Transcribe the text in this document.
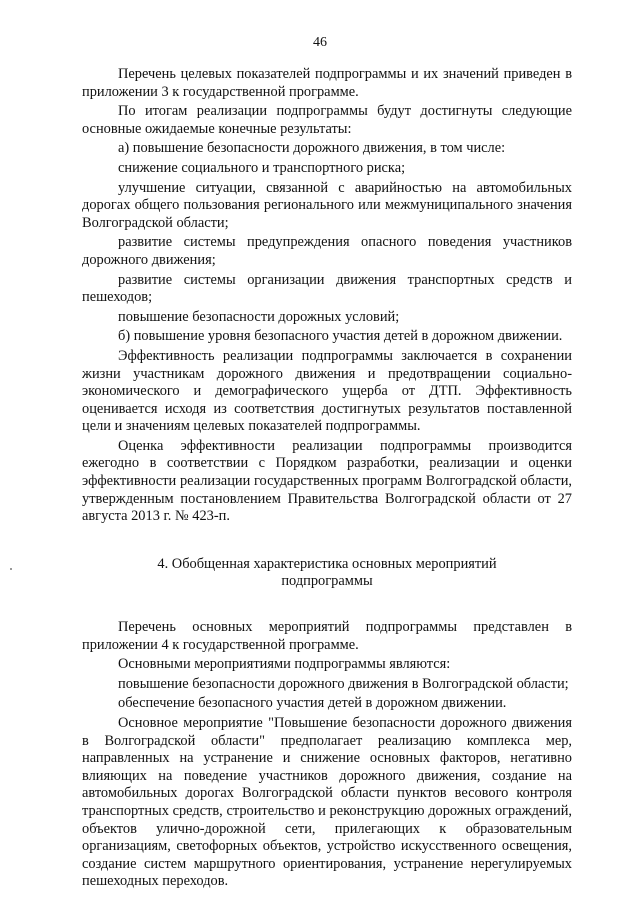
46

Перечень целевых показателей подпрограммы и их значений приведен в приложении 3 к государственной программе.

По итогам реализации подпрограммы будут достигнуты следующие основные ожидаемые конечные результаты:

а) повышение безопасности дорожного движения, в том числе:

снижение социального и транспортного риска;

улучшение ситуации, связанной с аварийностью на автомобильных дорогах общего пользования регионального или межмуниципального значения Волгоградской области;

развитие системы предупреждения опасного поведения участников дорожного движения;

развитие системы организации движения транспортных средств и пешеходов;

повышение безопасности дорожных условий;

б) повышение уровня безопасного участия детей в дорожном движении.

Эффективность реализации подпрограммы заключается в сохранении жизни участникам дорожного движения и предотвращении социально-экономического и демографического ущерба от ДТП. Эффективность оценивается исходя из соответствия достигнутых результатов поставленной цели и значениям целевых показателей подпрограммы.

Оценка эффективности реализации подпрограммы производится ежегодно в соответствии с Порядком разработки, реализации и оценки эффективности реализации государственных программ Волгоградской области, утвержденным постановлением Правительства Волгоградской области от 27 августа 2013 г. № 423-п.

4. Обобщенная характеристика основных мероприятий
подпрограммы

Перечень основных мероприятий подпрограммы представлен в приложении 4 к государственной программе.

Основными мероприятиями подпрограммы являются:

повышение безопасности дорожного движения в Волгоградской области;

обеспечение безопасного участия детей в дорожном движении.

Основное мероприятие "Повышение безопасности дорожного движения в Волгоградской области" предполагает реализацию комплекса мер, направленных на устранение и снижение основных факторов, негативно влияющих на поведение участников дорожного движения, создание на автомобильных дорогах Волгоградской области пунктов весового контроля транспортных средств, строительство и реконструкцию дорожных ограждений, объектов улично-дорожной сети, прилегающих к образовательным организациям, светофорных объектов, устройство искусственного освещения, создание систем маршрутного ориентирования, устранение нерегулируемых пешеходных переходов.
